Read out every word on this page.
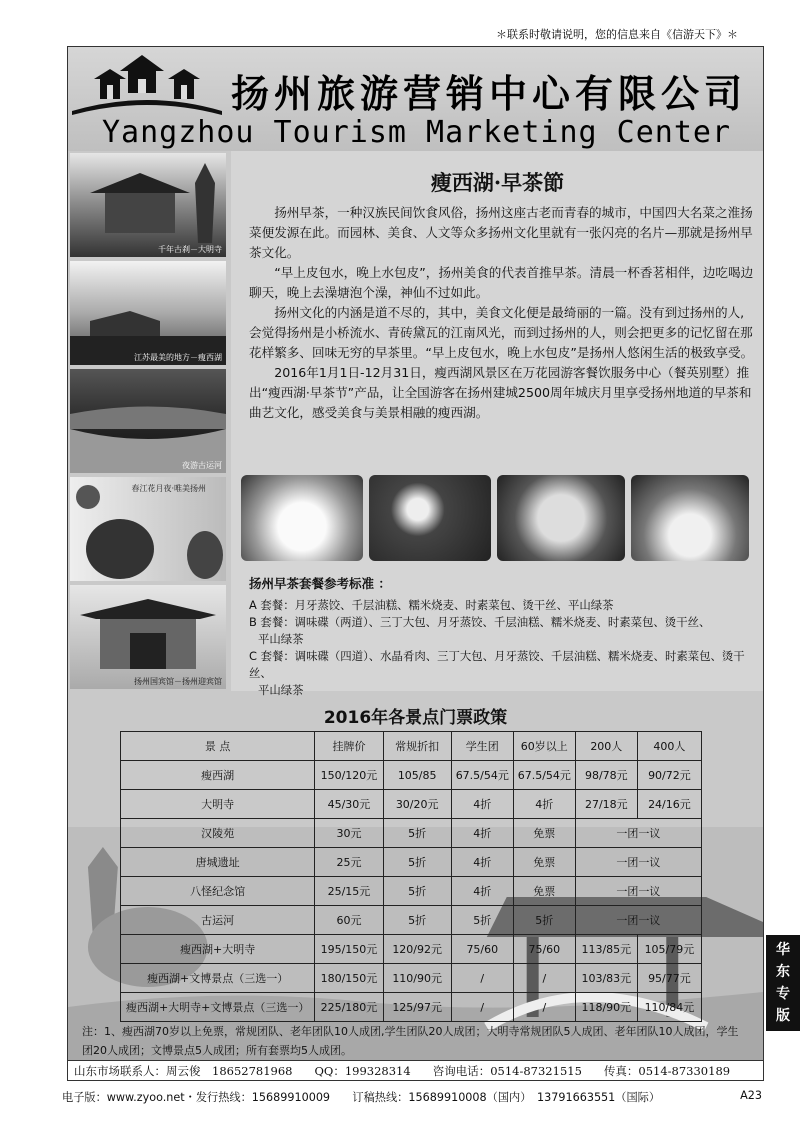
＊联系时敬请说明，您的信息来自《信游天下》＊
扬州旅游营销中心有限公司
Yangzhou Tourism Marketing Center
千年古刹－大明寺
江苏最美的地方－瘦西湖
夜游古运河
春江花月夜·唯美扬州
扬州国宾馆－扬州迎宾馆
瘦西湖·早茶節

扬州早茶，一种汉族民间饮食风俗，扬州这座古老而青春的城市，中国四大名菜之淮扬菜便发源在此。而园林、美食、人文等众多扬州文化里就有一张闪亮的名片—那就是扬州早茶文化。

“早上皮包水，晚上水包皮”，扬州美食的代表首推早茶。清晨一杯香茗相伴，边吃喝边聊天，晚上去澡塘泡个澡，神仙不过如此。

扬州文化的内涵是道不尽的，其中，美食文化便是最绮丽的一篇。没有到过扬州的人,会觉得扬州是小桥流水、青砖黛瓦的江南风光，而到过扬州的人，则会把更多的记忆留在那花样繁多、回味无穷的早茶里。“早上皮包水，晚上水包皮”是扬州人悠闲生活的极致享受。

2016年1月1日-12月31日，瘦西湖风景区在万花园游客餐饮服务中心（餐英别墅）推出“瘦西湖·早茶节”产品，让全国游客在扬州建城2500周年城庆月里享受扬州地道的早茶和曲艺文化，感受美食与美景相融的瘦西湖。

扬州早茶套餐参考标准 ：
A 套餐：月牙蒸饺、千层油糕、糯米烧麦、时素菜包、烫干丝、平山绿茶
B 套餐：调味碟（两道）、三丁大包、月牙蒸饺、千层油糕、糯米烧麦、时素菜包、烫干丝、
平山绿茶
C 套餐：调味碟（四道）、水晶肴肉、三丁大包、月牙蒸饺、千层油糕、糯米烧麦、时素菜包、烫干丝、
平山绿茶
2016年各景点门票政策
景 点	挂牌价	常规折扣	学生团	60岁以上	200人	400人
瘦西湖	150/120元	105/85	67.5/54元	67.5/54元	98/78元	90/72元
大明寺	45/30元	30/20元	4折	4折	27/18元	24/16元
汉陵苑	30元	5折	4折	免票	一团一议	
唐城遗址	25元	5折	4折	免票	一团一议	
八怪纪念馆	25/15元	5折	4折	免票	一团一议	
古运河	60元	5折	5折	5折	一团一议	
瘦西湖+大明寺	195/150元	120/92元	75/60	75/60	113/85元	105/79元
瘦西湖+文博景点（三选一）	180/150元	110/90元	/	/	103/83元	95/77元
瘦西湖+大明寺+文博景点（三选一）	225/180元	125/97元	/	/	118/90元	110/84元
注：1、瘦西湖70岁以上免票，常规团队、老年团队10人成团,学生团队20人成团；大明寺常规团队5人成团、老年团队10人成团，学生
团20人成团；文博景点5人成团；所有套票均5人成团。
山东市场联系人：周云俊　18652781968 QQ：199328314 咨询电话：0514-87321515 传真：0514-87330189
华
东
专
版
电子版：www.zyoo.net・发行热线：15689910009　　订稿热线：15689910008（国内）　13791663551（国际）	A23
